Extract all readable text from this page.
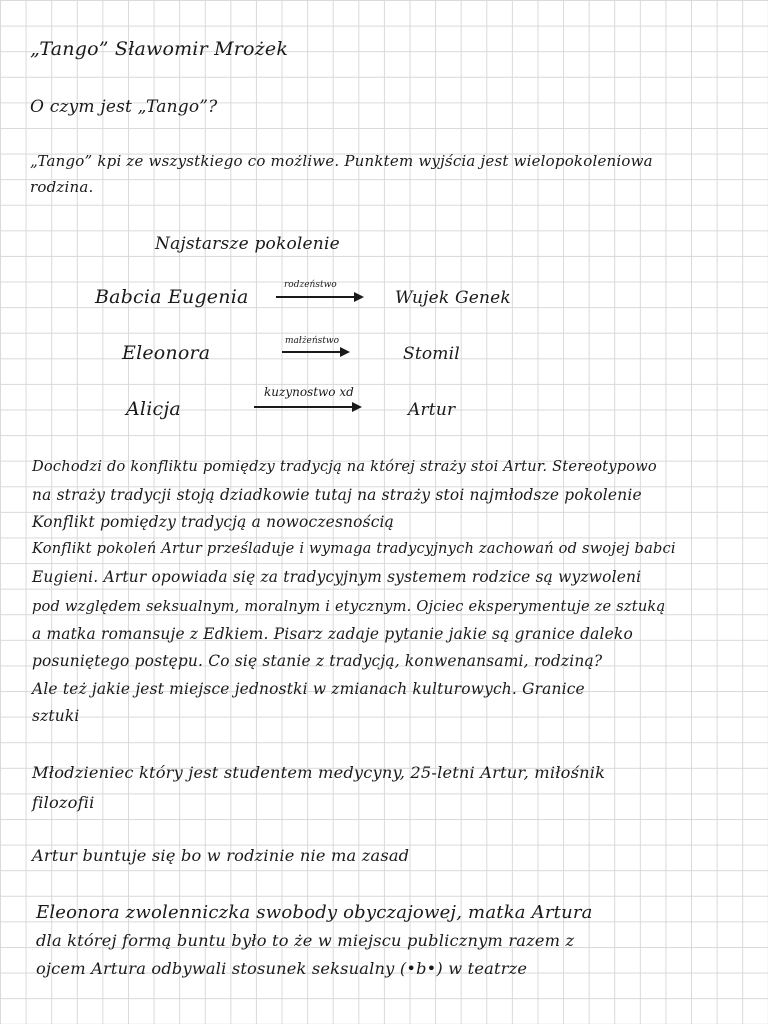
„Tango” Sławomir Mrożek
O czym jest „Tango”?
„Tango” kpi ze wszystkiego co możliwe. Punktem wyjścia jest wielopokoleniowa
rodzina.
Najstarsze pokolenie
Babcia Eugenia
rodzeństwo
Wujek Genek
Eleonora
małżeństwo
Stomil
Alicja
kuzynostwo xd
Artur
Dochodzi do konfliktu pomiędzy tradycją na której straży stoi Artur. Stereotypowo
na straży tradycji stoją dziadkowie tutaj na straży stoi najmłodsze pokolenie
Konflikt pomiędzy tradycją a nowoczesnością
Konflikt pokoleń Artur prześladuje i wymaga tradycyjnych zachowań od swojej babci
Eugieni. Artur opowiada się za tradycyjnym systemem rodzice są wyzwoleni
pod względem seksualnym, moralnym i etycznym. Ojciec eksperymentuje ze sztuką
a matka romansuje z Edkiem. Pisarz zadaje pytanie jakie są granice daleko
posuniętego postępu. Co się stanie z tradycją, konwenansami, rodziną?
Ale też jakie jest miejsce jednostki w zmianach kulturowych. Granice
sztuki
Młodzieniec który jest studentem medycyny, 25-letni Artur, miłośnik
filozofii
Artur buntuje się bo w rodzinie nie ma zasad
Eleonora zwolenniczka swobody obyczajowej, matka Artura
dla której formą buntu było to że w miejscu publicznym razem z
ojcem Artura odbywali stosunek seksualny (•b•) w teatrze
